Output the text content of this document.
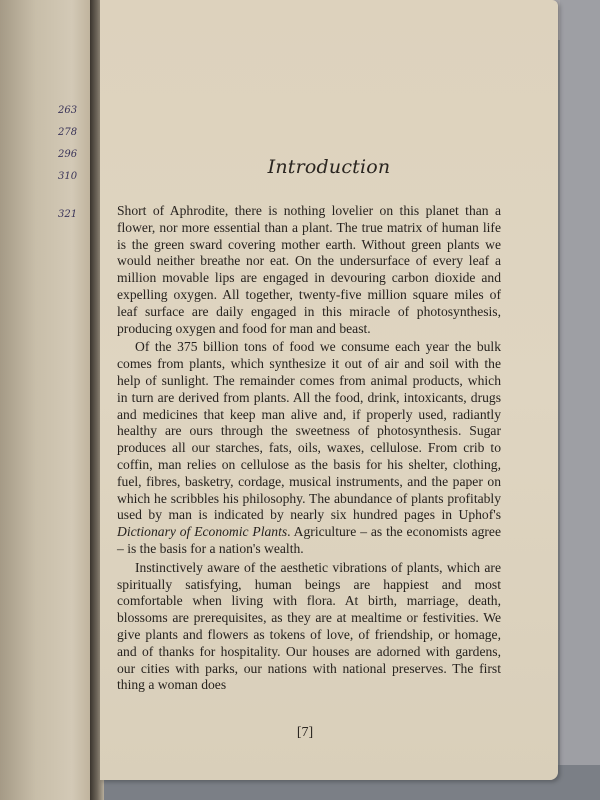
263
278
296
310
321
Introduction

Short of Aphrodite, there is nothing lovelier on this planet than a flower, nor more essential than a plant. The true matrix of human life is the green sward covering mother earth. Without green plants we would neither breathe nor eat. On the undersurface of every leaf a million movable lips are engaged in devouring carbon dioxide and expelling oxygen. All together, twenty-five million square miles of leaf surface are daily engaged in this miracle of photosynthesis, producing oxygen and food for man and beast.

Of the 375 billion tons of food we consume each year the bulk comes from plants, which synthesize it out of air and soil with the help of sunlight. The remainder comes from animal products, which in turn are derived from plants. All the food, drink, intoxicants, drugs and medicines that keep man alive and, if properly used, radiantly healthy are ours through the sweetness of photosynthesis. Sugar produces all our starches, fats, oils, waxes, cellulose. From crib to coffin, man relies on cellulose as the basis for his shelter, clothing, fuel, fibres, basketry, cordage, musical instruments, and the paper on which he scribbles his philosophy. The abundance of plants profitably used by man is indicated by nearly six hundred pages in Uphof's Dictionary of Economic Plants. Agriculture – as the economists agree – is the basis for a nation's wealth.

Instinctively aware of the aesthetic vibrations of plants, which are spiritually satisfying, human beings are happiest and most comfortable when living with flora. At birth, marriage, death, blossoms are prerequisites, as they are at mealtime or festivities. We give plants and flowers as tokens of love, of friendship, or homage, and of thanks for hospitality. Our houses are adorned with gardens, our cities with parks, our nations with national preserves. The first thing a woman does

[7]
